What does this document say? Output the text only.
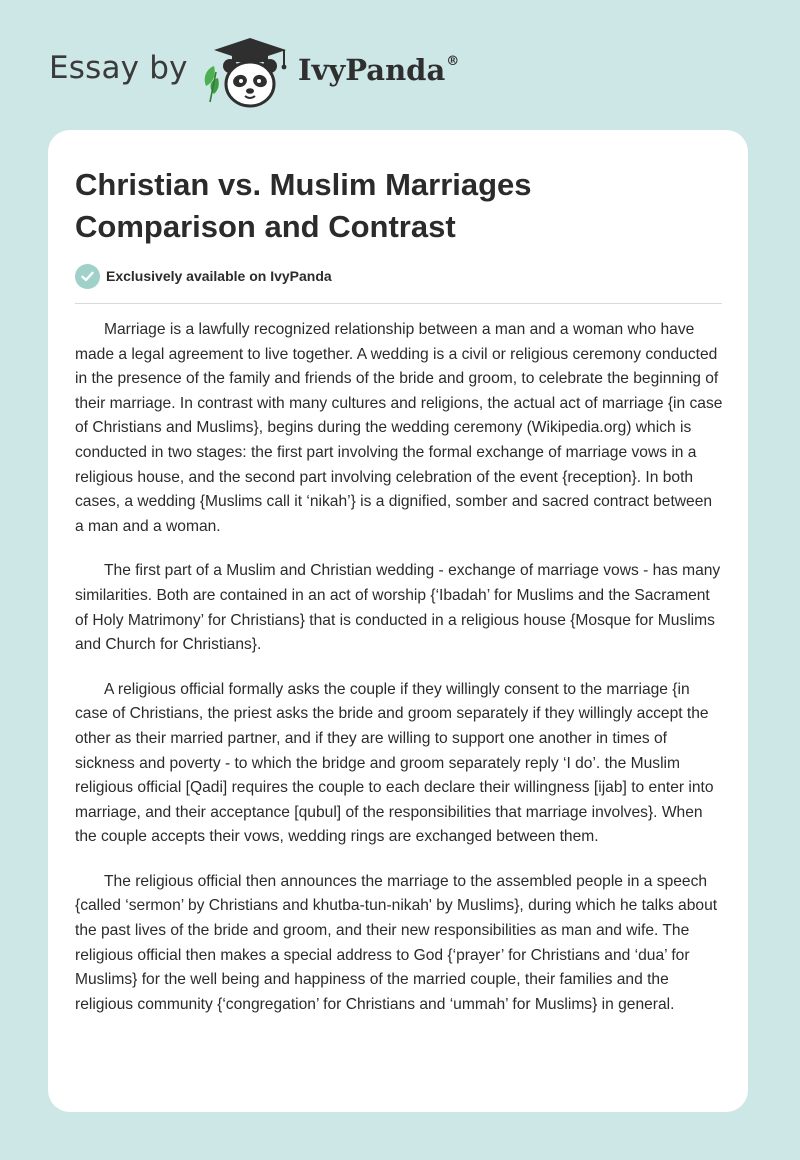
Essay by	IvyPanda®
Christian vs. Muslim Marriages Comparison and Contrast
Exclusively available on IvyPanda

Marriage is a lawfully recognized relationship between a man and a woman who have made a legal agreement to live together. A wedding is a civil or religious ceremony conducted in the presence of the family and friends of the bride and groom, to celebrate the beginning of their marriage. In contrast with many cultures and religions, the actual act of marriage {in case of Christians and Muslims}, begins during the wedding ceremony (Wikipedia.org) which is conducted in two stages: the first part involving the formal exchange of marriage vows in a religious house, and the second part involving celebration of the event {reception}. In both cases, a wedding {Muslims call it ‘nikah’} is a dignified, somber and sacred contract between a man and a woman.

The first part of a Muslim and Christian wedding - exchange of marriage vows - has many similarities. Both are contained in an act of worship {‘Ibadah’ for Muslims and the Sacrament of Holy Matrimony’ for Christians} that is conducted in a religious house {Mosque for Muslims and Church for Christians}.

A religious official formally asks the couple if they willingly consent to the marriage {in case of Christians, the priest asks the bride and groom separately if they willingly accept the other as their married partner, and if they are willing to support one another in times of sickness and poverty - to which the bridge and groom separately reply ‘I do’. the Muslim religious official [Qadi] requires the couple to each declare their willingness [ijab] to enter into marriage, and their acceptance [qubul] of the responsibilities that marriage involves}. When the couple accepts their vows, wedding rings are exchanged between them.

The religious official then announces the marriage to the assembled people in a speech {called ‘sermon’ by Christians and khutba-tun-nikah' by Muslims}, during which he talks about the past lives of the bride and groom, and their new responsibilities as man and wife. The religious official then makes a special address to God {‘prayer’ for Christians and ‘dua’ for Muslims} for the well being and happiness of the married couple, their families and the religious community {‘congregation’ for Christians and ‘ummah’ for Muslims} in general.
